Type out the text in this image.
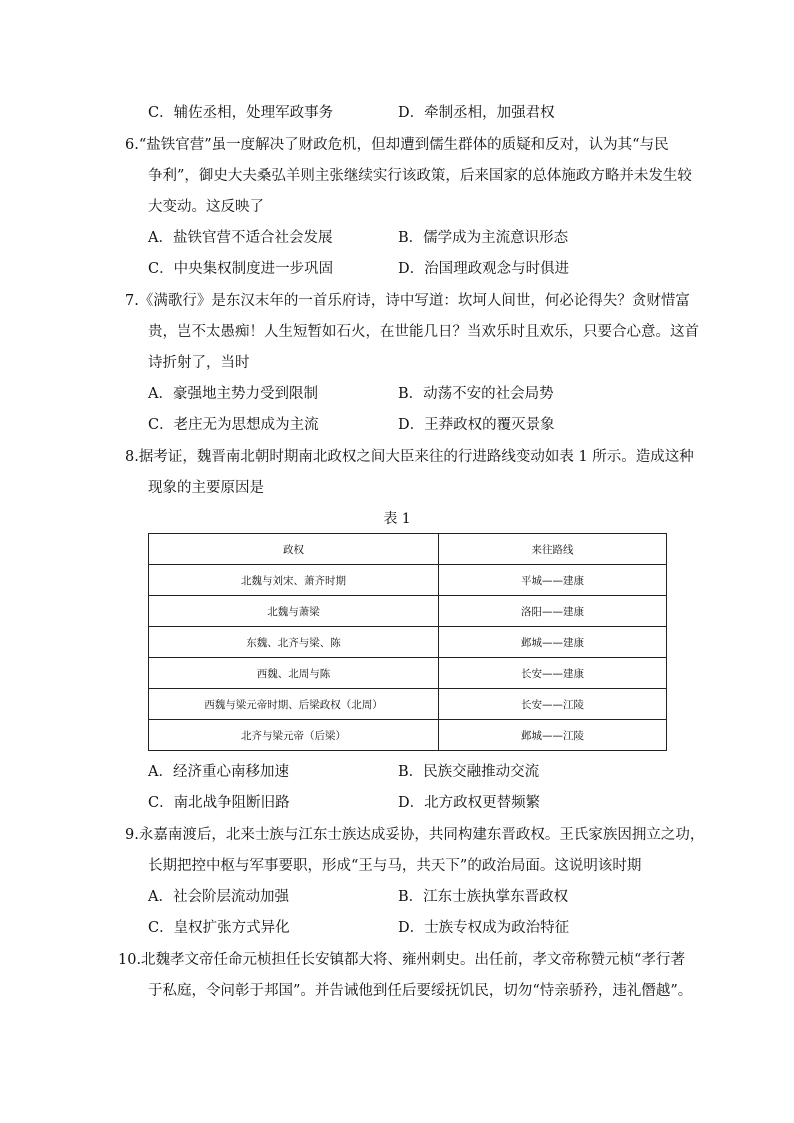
C．辅佐丞相，处理军政事务	D．牵制丞相，加强君权
6.“盐铁官营”虽一度解决了财政危机，但却遭到儒生群体的质疑和反对，认为其“与民
争利”，御史大夫桑弘羊则主张继续实行该政策，后来国家的总体施政方略并未发生较
大变动。这反映了
A．盐铁官营不适合社会发展	B．儒学成为主流意识形态
C．中央集权制度进一步巩固	D．治国理政观念与时俱进
7.《满歌行》是东汉末年的一首乐府诗，诗中写道：坎坷人间世，何必论得失？贪财惜富
贵，岂不太愚痴！人生短暂如石火，在世能几日？当欢乐时且欢乐，只要合心意。这首
诗折射了，当时
A．豪强地主势力受到限制	B．动荡不安的社会局势
C．老庄无为思想成为主流	D．王莽政权的覆灭景象
8.据考证，魏晋南北朝时期南北政权之间大臣来往的行进路线变动如表 1 所示。造成这种
现象的主要原因是
表 1
政权	来往路线
北魏与刘宋、萧齐时期	平城——建康
北魏与萧梁	洛阳——建康
东魏、北齐与梁、陈	邺城——建康
西魏、北周与陈	长安——建康
西魏与梁元帝时期、后梁政权（北周）	长安——江陵
北齐与梁元帝（后梁）	邺城——江陵
A．经济重心南移加速	B．民族交融推动交流
C．南北战争阻断旧路	D．北方政权更替频繁
9.永嘉南渡后，北来士族与江东士族达成妥协，共同构建东晋政权。王氏家族因拥立之功，
长期把控中枢与军事要职，形成“王与马，共天下”的政治局面。这说明该时期
A．社会阶层流动加强	B．江东士族执掌东晋政权
C．皇权扩张方式异化	D．士族专权成为政治特征
10.北魏孝文帝任命元桢担任长安镇都大将、雍州刺史。出任前，孝文帝称赞元桢“孝行著
于私庭，令问彰于邦国”。并告诫他到任后要绥抚饥民，切勿“恃亲骄矜，违礼僭越”。
